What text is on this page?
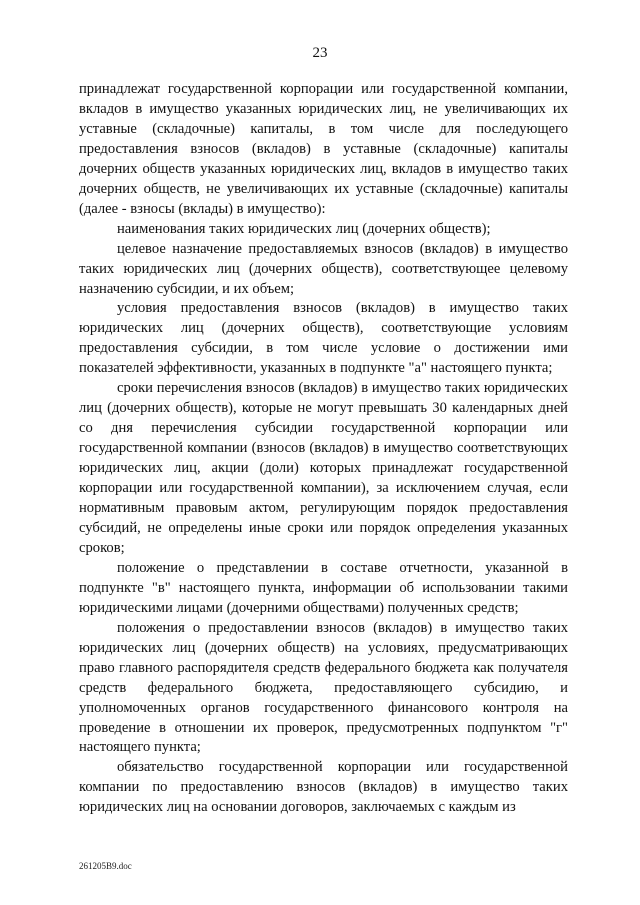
23

принадлежат государственной корпорации или государственной компании, вкладов в имущество указанных юридических лиц, не увеличивающих их уставные (складочные) капиталы, в том числе для последующего предоставления взносов (вкладов) в уставные (складочные) капиталы дочерних обществ указанных юридических лиц, вкладов в имущество таких дочерних обществ, не увеличивающих их уставные (складочные) капиталы (далее - взносы (вклады) в имущество):

наименования таких юридических лиц (дочерних обществ);

целевое назначение предоставляемых взносов (вкладов) в имущество таких юридических лиц (дочерних обществ), соответствующее целевому назначению субсидии, и их объем;

условия предоставления взносов (вкладов) в имущество таких юридических лиц (дочерних обществ), соответствующие условиям предоставления субсидии, в том числе условие о достижении ими показателей эффективности, указанных в подпункте "а" настоящего пункта;

сроки перечисления взносов (вкладов) в имущество таких юридических лиц (дочерних обществ), которые не могут превышать 30 календарных дней со дня перечисления субсидии государственной корпорации или государственной компании (взносов (вкладов) в имущество соответствующих юридических лиц, акции (доли) которых принадлежат государственной корпорации или государственной компании), за исключением случая, если нормативным правовым актом, регулирующим порядок предоставления субсидий, не определены иные сроки или порядок определения указанных сроков;

положение о представлении в составе отчетности, указанной в подпункте "в" настоящего пункта, информации об использовании такими юридическими лицами (дочерними обществами) полученных средств;

положения о предоставлении взносов (вкладов) в имущество таких юридических лиц (дочерних обществ) на условиях, предусматривающих право главного распорядителя средств федерального бюджета как получателя средств федерального бюджета, предоставляющего субсидию, и уполномоченных органов государственного финансового контроля на проведение в отношении их проверок, предусмотренных подпунктом "г" настоящего пункта;

обязательство государственной корпорации или государственной компании по предоставлению взносов (вкладов) в имущество таких юридических лиц на основании договоров, заключаемых с каждым из

261205B9.doc
